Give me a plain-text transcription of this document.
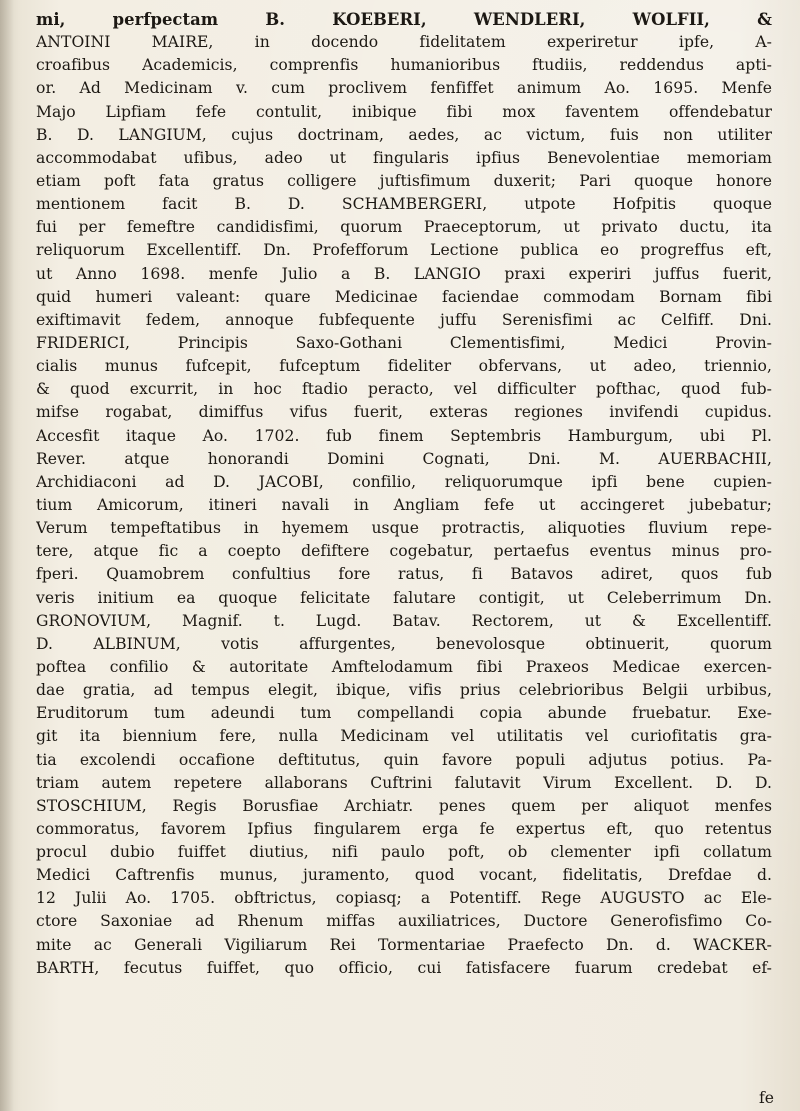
mi, perfpectam B. KOEBERI, WENDLERI, WOLFII, &
ANTOINI MAIRE, in docendo fidelitatem experiretur ipfe, A-
croafibus Academicis, comprenfis humanioribus ftudiis, reddendus apti-
or. Ad Medicinam v. cum proclivem fenfiffet animum Ao. 1695. Menfe
Majo Lipfiam fefe contulit, inibique fibi mox faventem offendebatur
B. D. LANGIUM, cujus doctrinam, aedes, ac victum, fuis non utiliter
accommodabat ufibus, adeo ut fingularis ipfius Benevolentiae memoriam
etiam poft fata gratus colligere juftisfimum duxerit; Pari quoque honore
mentionem facit B. D. SCHAMBERGERI, utpote Hofpitis quoque
fui per femeftre candidisfimi, quorum Praeceptorum, ut privato ductu, ita
reliquorum Excellentiff. Dn. Profefforum Lectione publica eo progreffus eft,
ut Anno 1698. menfe Julio a B. LANGIO praxi experiri juffus fuerit,
quid humeri valeant: quare Medicinae faciendae commodam Bornam fibi
exiftimavit fedem, annoque fubfequente juffu Serenisfimi ac Celfiff. Dni.
FRIDERICI, Principis Saxo-Gothani Clementisfimi, Medici Provin-
cialis munus fufcepit, fufceptum fideliter obfervans, ut adeo, triennio,
& quod excurrit, in hoc ftadio peracto, vel difficulter pofthac, quod fub-
mifse rogabat, dimiffus vifus fuerit, exteras regiones invifendi cupidus.
Accesfit itaque Ao. 1702. fub finem Septembris Hamburgum, ubi Pl.
Rever. atque honorandi Domini Cognati, Dni. M. AUERBACHII,
Archidiaconi ad D. JACOBI, confilio, reliquorumque ipfi bene cupien-
tium Amicorum, itineri navali in Angliam fefe ut accingeret jubebatur;
Verum tempeftatibus in hyemem usque protractis, aliquoties fluvium repe-
tere, atque fic a coepto defiftere cogebatur, pertaefus eventus minus pro-
fperi. Quamobrem confultius fore ratus, fi Batavos adiret, quos fub
veris initium ea quoque felicitate falutare contigit, ut Celeberrimum Dn.
GRONOVIUM, Magnif. t. Lugd. Batav. Rectorem, ut & Excellentiff.
D. ALBINUM, votis affurgentes, benevolosque obtinuerit, quorum
poftea confilio & autoritate Amftelodamum fibi Praxeos Medicae exercen-
dae gratia, ad tempus elegit, ibique, vifis prius celebrioribus Belgii urbibus,
Eruditorum tum adeundi tum compellandi copia abunde fruebatur. Exe-
git ita biennium fere, nulla Medicinam vel utilitatis vel curiofitatis gra-
tia excolendi occafione deftitutus, quin favore populi adjutus potius. Pa-
triam autem repetere allaborans Cuftrini falutavit Virum Excellent. D. D.
STOSCHIUM, Regis Borusfiae Archiatr. penes quem per aliquot menfes
commoratus, favorem Ipfius fingularem erga fe expertus eft, quo retentus
procul dubio fuiffet diutius, nifi paulo poft, ob clementer ipfi collatum
Medici Caftrenfis munus, juramento, quod vocant, fidelitatis, Drefdae d.
12 Julii Ao. 1705. obftrictus, copiasq; a Potentiff. Rege AUGUSTO ac Ele-
ctore Saxoniae ad Rhenum miffas auxiliatrices, Ductore Generofisfimo Co-
mite ac Generali Vigiliarum Rei Tormentariae Praefecto Dn. d. WACKER-
BARTH, fecutus fuiffet, quo officio, cui fatisfacere fuarum credebat ef-
fe
